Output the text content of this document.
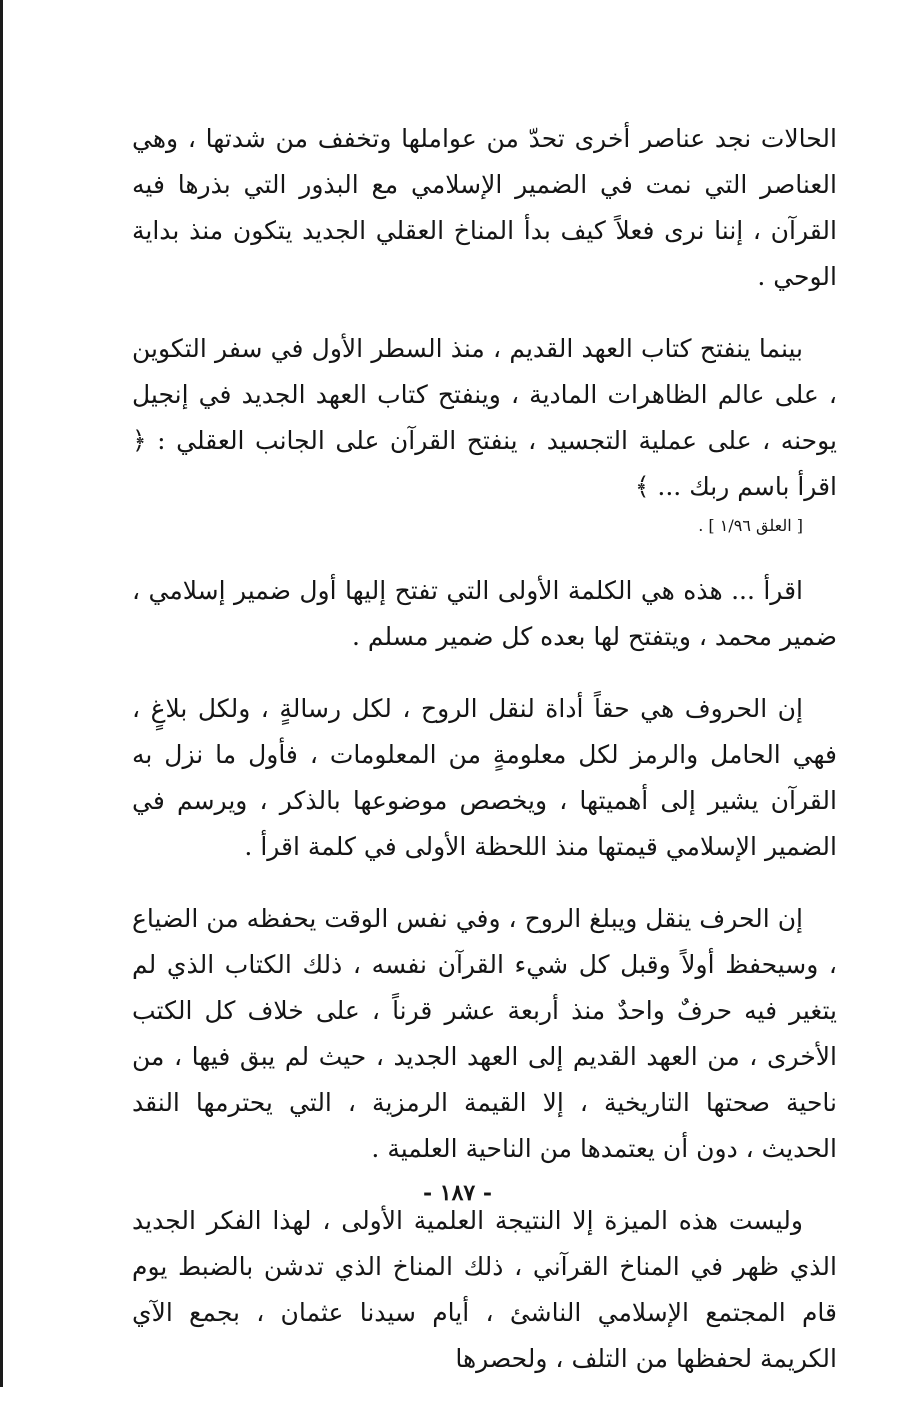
الحالات نجد عناصر أخرى تحدّ من عواملها وتخفف من شدتها ، وهي العناصر التي نمت في الضمير الإسلامي مع البذور التي بذرها فيه القرآن ، إننا نرى فعلاً كيف بدأ المناخ العقلي الجديد يتكون منذ بداية الوحي .

بينما ينفتح كتاب العهد القديم ، منذ السطر الأول في سفر التكوين ، على عالم الظاهرات المادية ، وينفتح كتاب العهد الجديد في إنجيل يوحنه ، على عملية التجسيد ، ينفتح القرآن على الجانب العقلي : ﴿ اقرأ باسم ربك ... ﴾
[ العلق ١/٩٦ ] .

اقرأ ... هذه هي الكلمة الأولى التي تفتح إليها أول ضمير إسلامي ، ضمير محمد ، ويتفتح لها بعده كل ضمير مسلم .

إن الحروف هي حقاً أداة لنقل الروح ، لكل رسالةٍ ، ولكل بلاغٍ ، فهي الحامل والرمز لكل معلومةٍ من المعلومات ، فأول ما نزل به القرآن يشير إلى أهميتها ، ويخصص موضوعها بالذكر ، ويرسم في الضمير الإسلامي قيمتها منذ اللحظة الأولى في كلمة اقرأ .

إن الحرف ينقل ويبلغ الروح ، وفي نفس الوقت يحفظه من الضياع ، وسيحفظ أولاً وقبل كل شيء القرآن نفسه ، ذلك الكتاب الذي لم يتغير فيه حرفٌ واحدٌ منذ أربعة عشر قرناً ، على خلاف كل الكتب الأخرى ، من العهد القديم إلى العهد الجديد ، حيث لم يبق فيها ، من ناحية صحتها التاريخية ، إلا القيمة الرمزية ، التي يحترمها النقد الحديث ، دون أن يعتمدها من الناحية العلمية .

وليست هذه الميزة إلا النتيجة العلمية الأولى ، لهذا الفكر الجديد الذي ظهر في المناخ القرآني ، ذلك المناخ الذي تدشن بالضبط يوم قام المجتمع الإسلامي الناشئ ، أيام سيدنا عثمان ، بجمع الآي الكريمة لحفظها من التلف ، ولحصرها

- ١٨٧ -
